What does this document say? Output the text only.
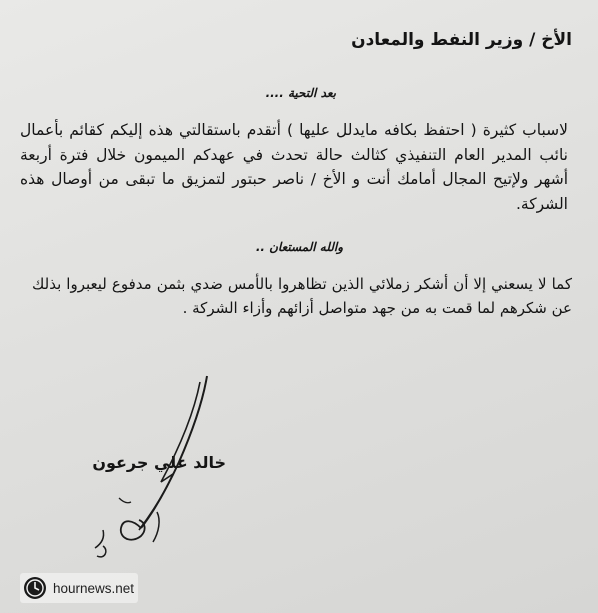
الأخ / وزير النفط والمعادن
بعد التحية ....
لاسباب كثيرة ( احتفظ بكافه مايدلل عليها ) أتقدم باستقالتي هذه إليكم كقائم بأعمال نائب المدير العام التنفيذي كثالث حالة تحدث في عهدكم الميمون خلال فترة أربعة أشهر ولإتيح المجال أمامك أنت و الأخ / ناصر حبتور لتمزيق ما تبقى من أوصال هذه الشركة.
والله المستعان ..
كما لا يسعني إلا أن أشكر زملائي الذين تظاهروا بالأمس ضدي بثمن مدفوع ليعبروا بذلك عن شكرهم لما قمت به من جهد متواصل أزائهم وأزاء الشركة .
خالد علي جرعون
hournews.net
